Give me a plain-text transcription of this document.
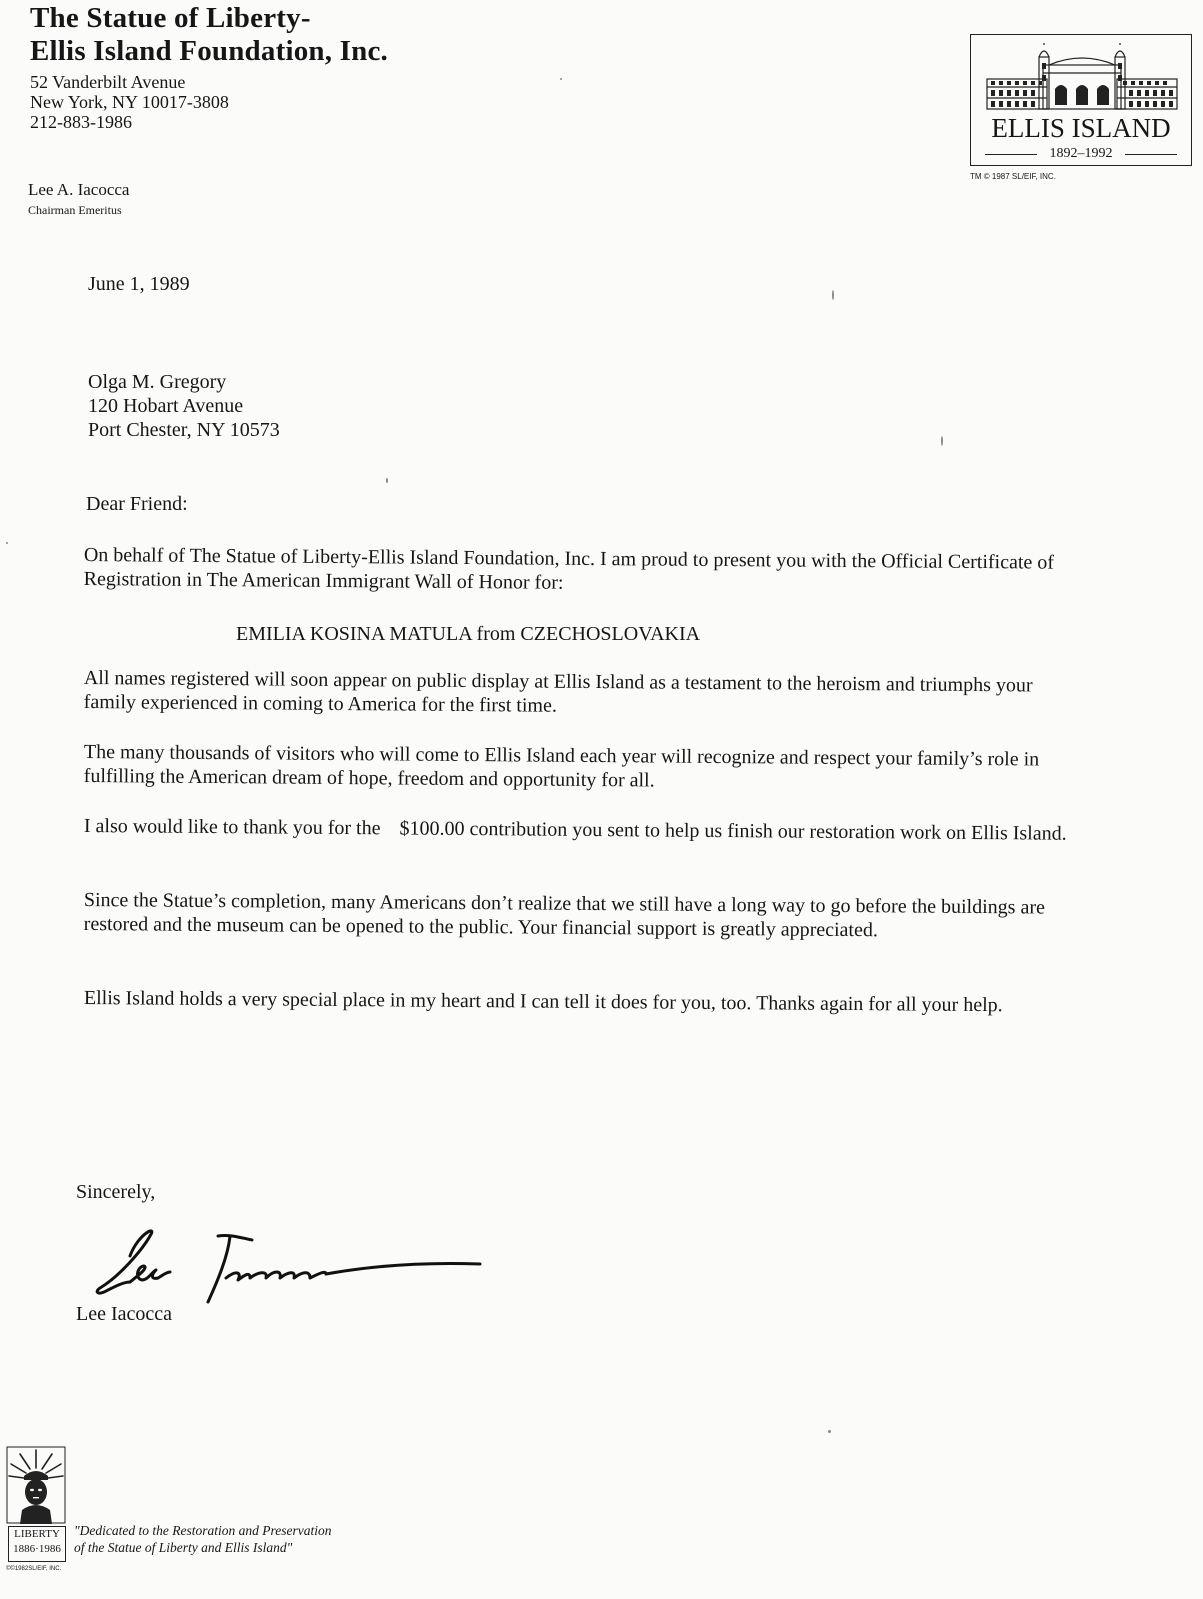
The Statue of Liberty-
Ellis Island Foundation, Inc.
52 Vanderbilt Avenue
New York, NY 10017-3808
212-883-1986
Lee A. Iacocca
Chairman Emeritus
ELLIS ISLAND
1892–1992
TM © 1987 SL/EIF, INC.
June 1, 1989
Olga M. Gregory
120 Hobart Avenue
Port Chester, NY 10573
Dear Friend:

On behalf of The Statue of Liberty-Ellis Island Foundation, Inc. I am proud to present you with the Official Certificate of Registration in The American Immigrant Wall of Honor for:

EMILIA KOSINA MATULA from CZECHOSLOVAKIA

All names registered will soon appear on public display at Ellis Island as a testament to the heroism and triumphs your family experienced in coming to America for the first time.

The many thousands of visitors who will come to Ellis Island each year will recognize and respect your family’s role in fulfilling the American dream of hope, freedom and opportunity for all.

I also would like to thank you for the $100.00 contribution you sent to help us finish our restoration work on Ellis Island.

Since the Statue’s completion, many Americans don’t realize that we still have a long way to go before the buildings are restored and the museum can be opened to the public. Your financial support is greatly appreciated.

Ellis Island holds a very special place in my heart and I can tell it does for you, too. Thanks again for all your help.

Sincerely,
Lee Iacocca
LIBERTY
1886·1986
©©1982SL/EIF, INC.
"Dedicated to the Restoration and Preservation
of the Statue of Liberty and Ellis Island"
